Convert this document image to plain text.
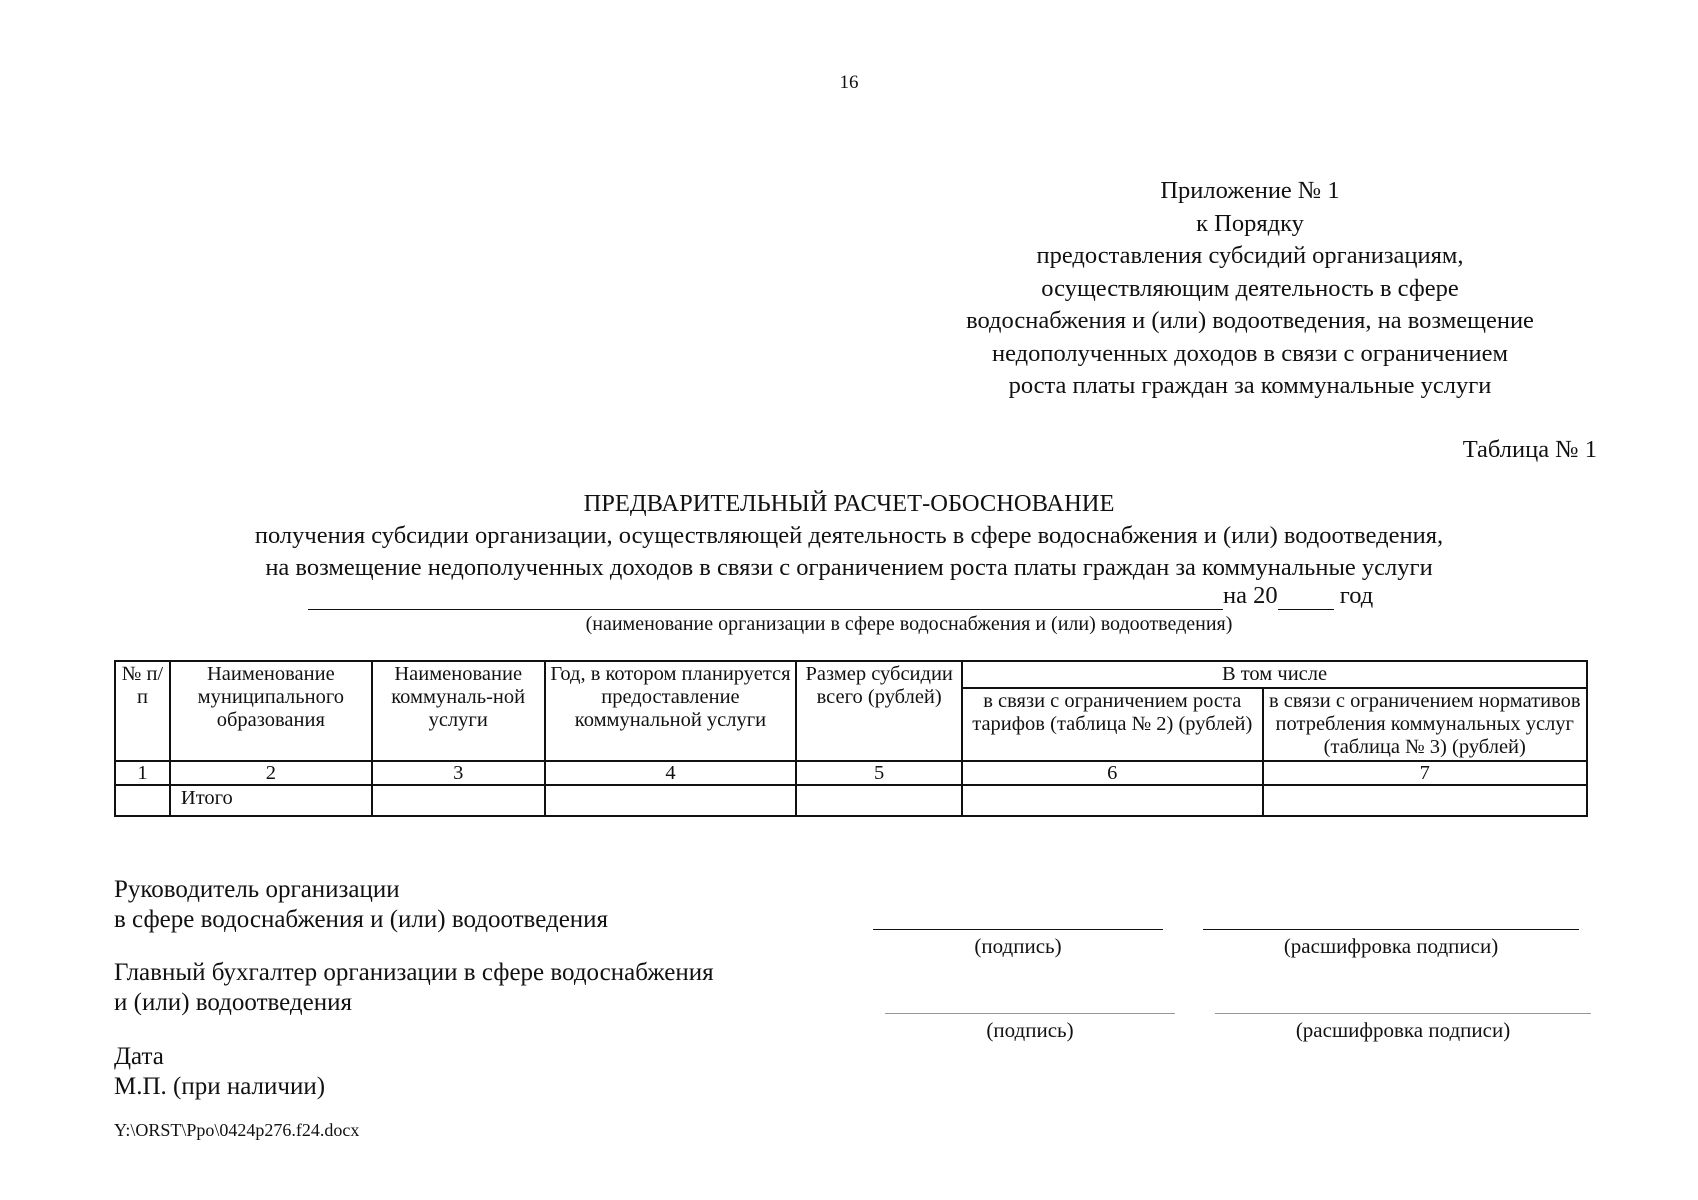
16
Приложение № 1
к Порядку
предоставления субсидий организациям,
осуществляющим деятельность в сфере
водоснабжения и (или) водоотведения, на возмещение
недополученных доходов в связи с ограничением
роста платы граждан за коммунальные услуги
Таблица № 1
ПРЕДВАРИТЕЛЬНЫЙ РАСЧЕТ-ОБОСНОВАНИЕ
получения субсидии организации, осуществляющей деятельность в сфере водоснабжения и (или) водоотведения,
на возмещение недополученных доходов в связи с ограничением роста платы граждан за коммунальные услуги
на 20	год
(наименование организации в сфере водоснабжения и (или) водоотведения)
№ п/п	Наименование муниципального образования	Наименование коммуналь-ной услуги	Год, в котором планируется предоставление коммунальной услуги	Размер субсидии всего (рублей)	В том числе	
					в связи с ограничением роста тарифов (таблица № 2) (рублей)	в связи с ограничением нормативов потребления коммунальных услуг (таблица № 3) (рублей)
1	2	3	4	5	6	7
	Итого					
Руководитель организации
в сфере водоснабжения и (или) водоотведения
Главный бухгалтер организации в сфере водоснабжения
и (или) водоотведения
Дата
М.П. (при наличии)
(подпись)	(расшифровка подписи)
(подпись)	(расшифровка подписи)
Y:\ORST\Ppo\0424p276.f24.docx
